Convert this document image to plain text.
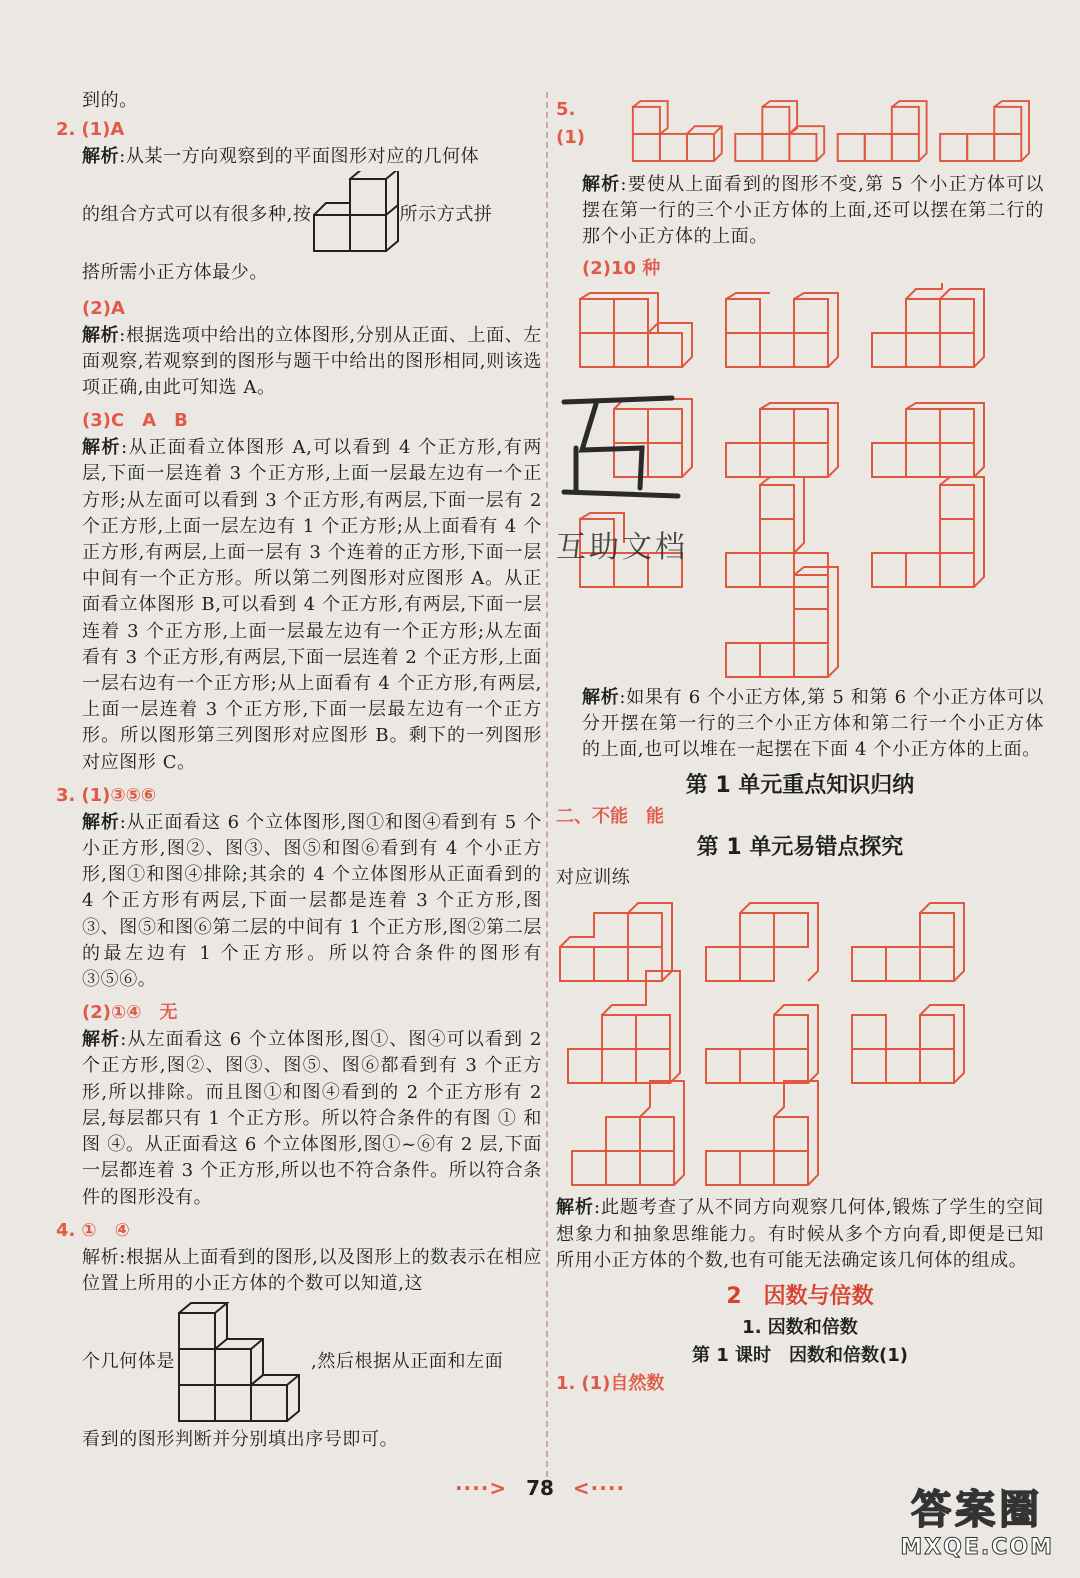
到的。

2. (1)A

解析:从某一方向观察到的平面图形对应的几何体

的组合方式可以有很多种,按	所示方式拼

搭所需小正方体最少。

(2)A

解析:根据选项中给出的立体图形,分别从正面、上面、左面观察,若观察到的图形与题干中给出的图形相同,则该选项正确,由此可知选 A。

(3)C　A　B

解析:从正面看立体图形 A,可以看到 4 个正方形,有两层,下面一层连着 3 个正方形,上面一层最左边有一个正方形;从左面可以看到 3 个正方形,有两层,下面一层有 2 个正方形,上面一层左边有 1 个正方形;从上面看有 4 个正方形,有两层,上面一层有 3 个连着的正方形,下面一层中间有一个正方形。所以第二列图形对应图形 A。从正面看立体图形 B,可以看到 4 个正方形,有两层,下面一层连着 3 个正方形,上面一层最左边有一个正方形;从左面看有 3 个正方形,有两层,下面一层连着 2 个正方形,上面一层右边有一个正方形;从上面看有 4 个正方形,有两层,上面一层连着 3 个正方形,下面一层最左边有一个正方形。所以图形第三列图形对应图形 B。剩下的一列图形对应图形 C。

3. (1)③⑤⑥

解析:从正面看这 6 个立体图形,图①和图④看到有 5 个小正方形,图②、图③、图⑤和图⑥看到有 4 个小正方形,图①和图④排除;其余的 4 个立体图形从正面看到的 4 个正方形有两层,下面一层都是连着 3 个正方形,图③、图⑤和图⑥第二层的中间有 1 个正方形,图②第二层的最左边有 1 个正方形。所以符合条件的图形有③⑤⑥。

(2)①④　无

解析:从左面看这 6 个立体图形,图①、图④可以看到 2 个正方形,图②、图③、图⑤、图⑥都看到有 3 个正方形,所以排除。而且图①和图④看到的 2 个正方形有 2 层,每层都只有 1 个正方形。所以符合条件的有图 ① 和图 ④。从正面看这 6 个立体图形,图①~⑥有 2 层,下面一层都连着 3 个正方形,所以也不符合条件。所以符合条件的图形没有。

4. ①　④

解析:根据从上面看到的图形,以及图形上的数表示在相应位置上所用的小正方体的个数可以知道,这

个几何体是	,然后根据从正面和左面

看到的图形判断并分别填出序号即可。

5.(1)

解析:要使从上面看到的图形不变,第 5 个小正方体可以摆在第一行的三个小正方体的上面,还可以摆在第二行的那个小正方体的上面。

(2)10 种

解析:如果有 6 个小正方体,第 5 和第 6 个小正方体可以分开摆在第一行的三个小正方体和第二行一个小正方体的上面,也可以堆在一起摆在下面 4 个小正方体的上面。

第 1 单元重点知识归纳
二、不能　能
第 1 单元易错点探究

对应训练

解析:此题考查了从不同方向观察几何体,锻炼了学生的空间想象力和抽象思维能力。有时候从多个方向看,即便是已知所用小正方体的个数,也有可能无法确定该几何体的组成。

2　因数与倍数
1. 因数和倍数
第 1 课时　因数和倍数(1)
1. (1)自然数
互
互助文档
····> 78 <····	答案圈
MXQE.COM
